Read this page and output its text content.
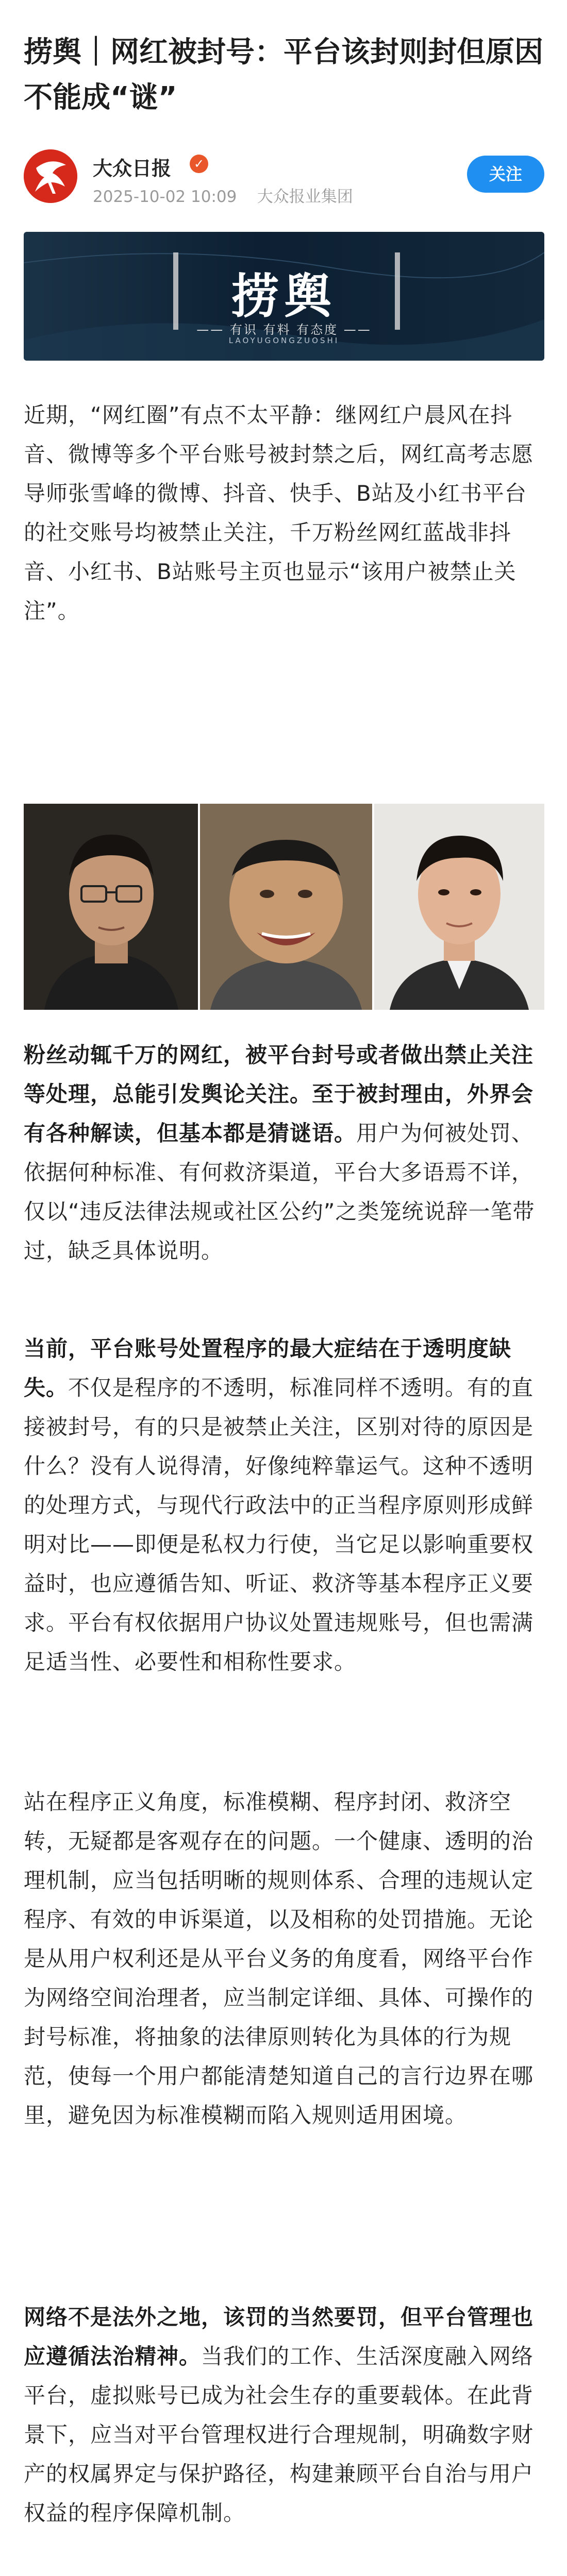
捞舆｜网红被封号：平台该封则封但原因不能成“谜”
大众日报	✓
2025-10-02 10:09    大众报业集团
关注
捞舆
—— 有识 有料 有态度 ——
LAOYUGONGZUOSHI

近期，“网红圈”有点不太平静：继网红户晨风在抖音、微博等多个平台账号被封禁之后，网红高考志愿导师张雪峰的微博、抖音、快手、B站及小红书平台的社交账号均被禁止关注，千万粉丝网红蓝战非抖音、小红书、B站账号主页也显示“该用户被禁止关注”。

粉丝动辄千万的网红，被平台封号或者做出禁止关注等处理，总能引发舆论关注。至于被封理由，外界会有各种解读，但基本都是猜谜语。用户为何被处罚、依据何种标准、有何救济渠道，平台大多语焉不详，仅以“违反法律法规或社区公约”之类笼统说辞一笔带过，缺乏具体说明。

当前，平台账号处置程序的最大症结在于透明度缺失。不仅是程序的不透明，标准同样不透明。有的直接被封号，有的只是被禁止关注，区别对待的原因是什么？没有人说得清，好像纯粹靠运气。这种不透明的处理方式，与现代行政法中的正当程序原则形成鲜明对比——即便是私权力行使，当它足以影响重要权益时，也应遵循告知、听证、救济等基本程序正义要求。平台有权依据用户协议处置违规账号，但也需满足适当性、必要性和相称性要求。

站在程序正义角度，标准模糊、程序封闭、救济空转，无疑都是客观存在的问题。一个健康、透明的治理机制，应当包括明晰的规则体系、合理的违规认定程序、有效的申诉渠道，以及相称的处罚措施。无论是从用户权利还是从平台义务的角度看，网络平台作为网络空间治理者，应当制定详细、具体、可操作的封号标准，将抽象的法律原则转化为具体的行为规范，使每一个用户都能清楚知道自己的言行边界在哪里，避免因为标准模糊而陷入规则适用困境。

网络不是法外之地，该罚的当然要罚，但平台管理也应遵循法治精神。当我们的工作、生活深度融入网络平台，虚拟账号已成为社会生存的重要载体。在此背景下，应当对平台管理权进行合理规制，明确数字财产的权属界定与保护路径，构建兼顾平台自治与用户权益的程序保障机制。
